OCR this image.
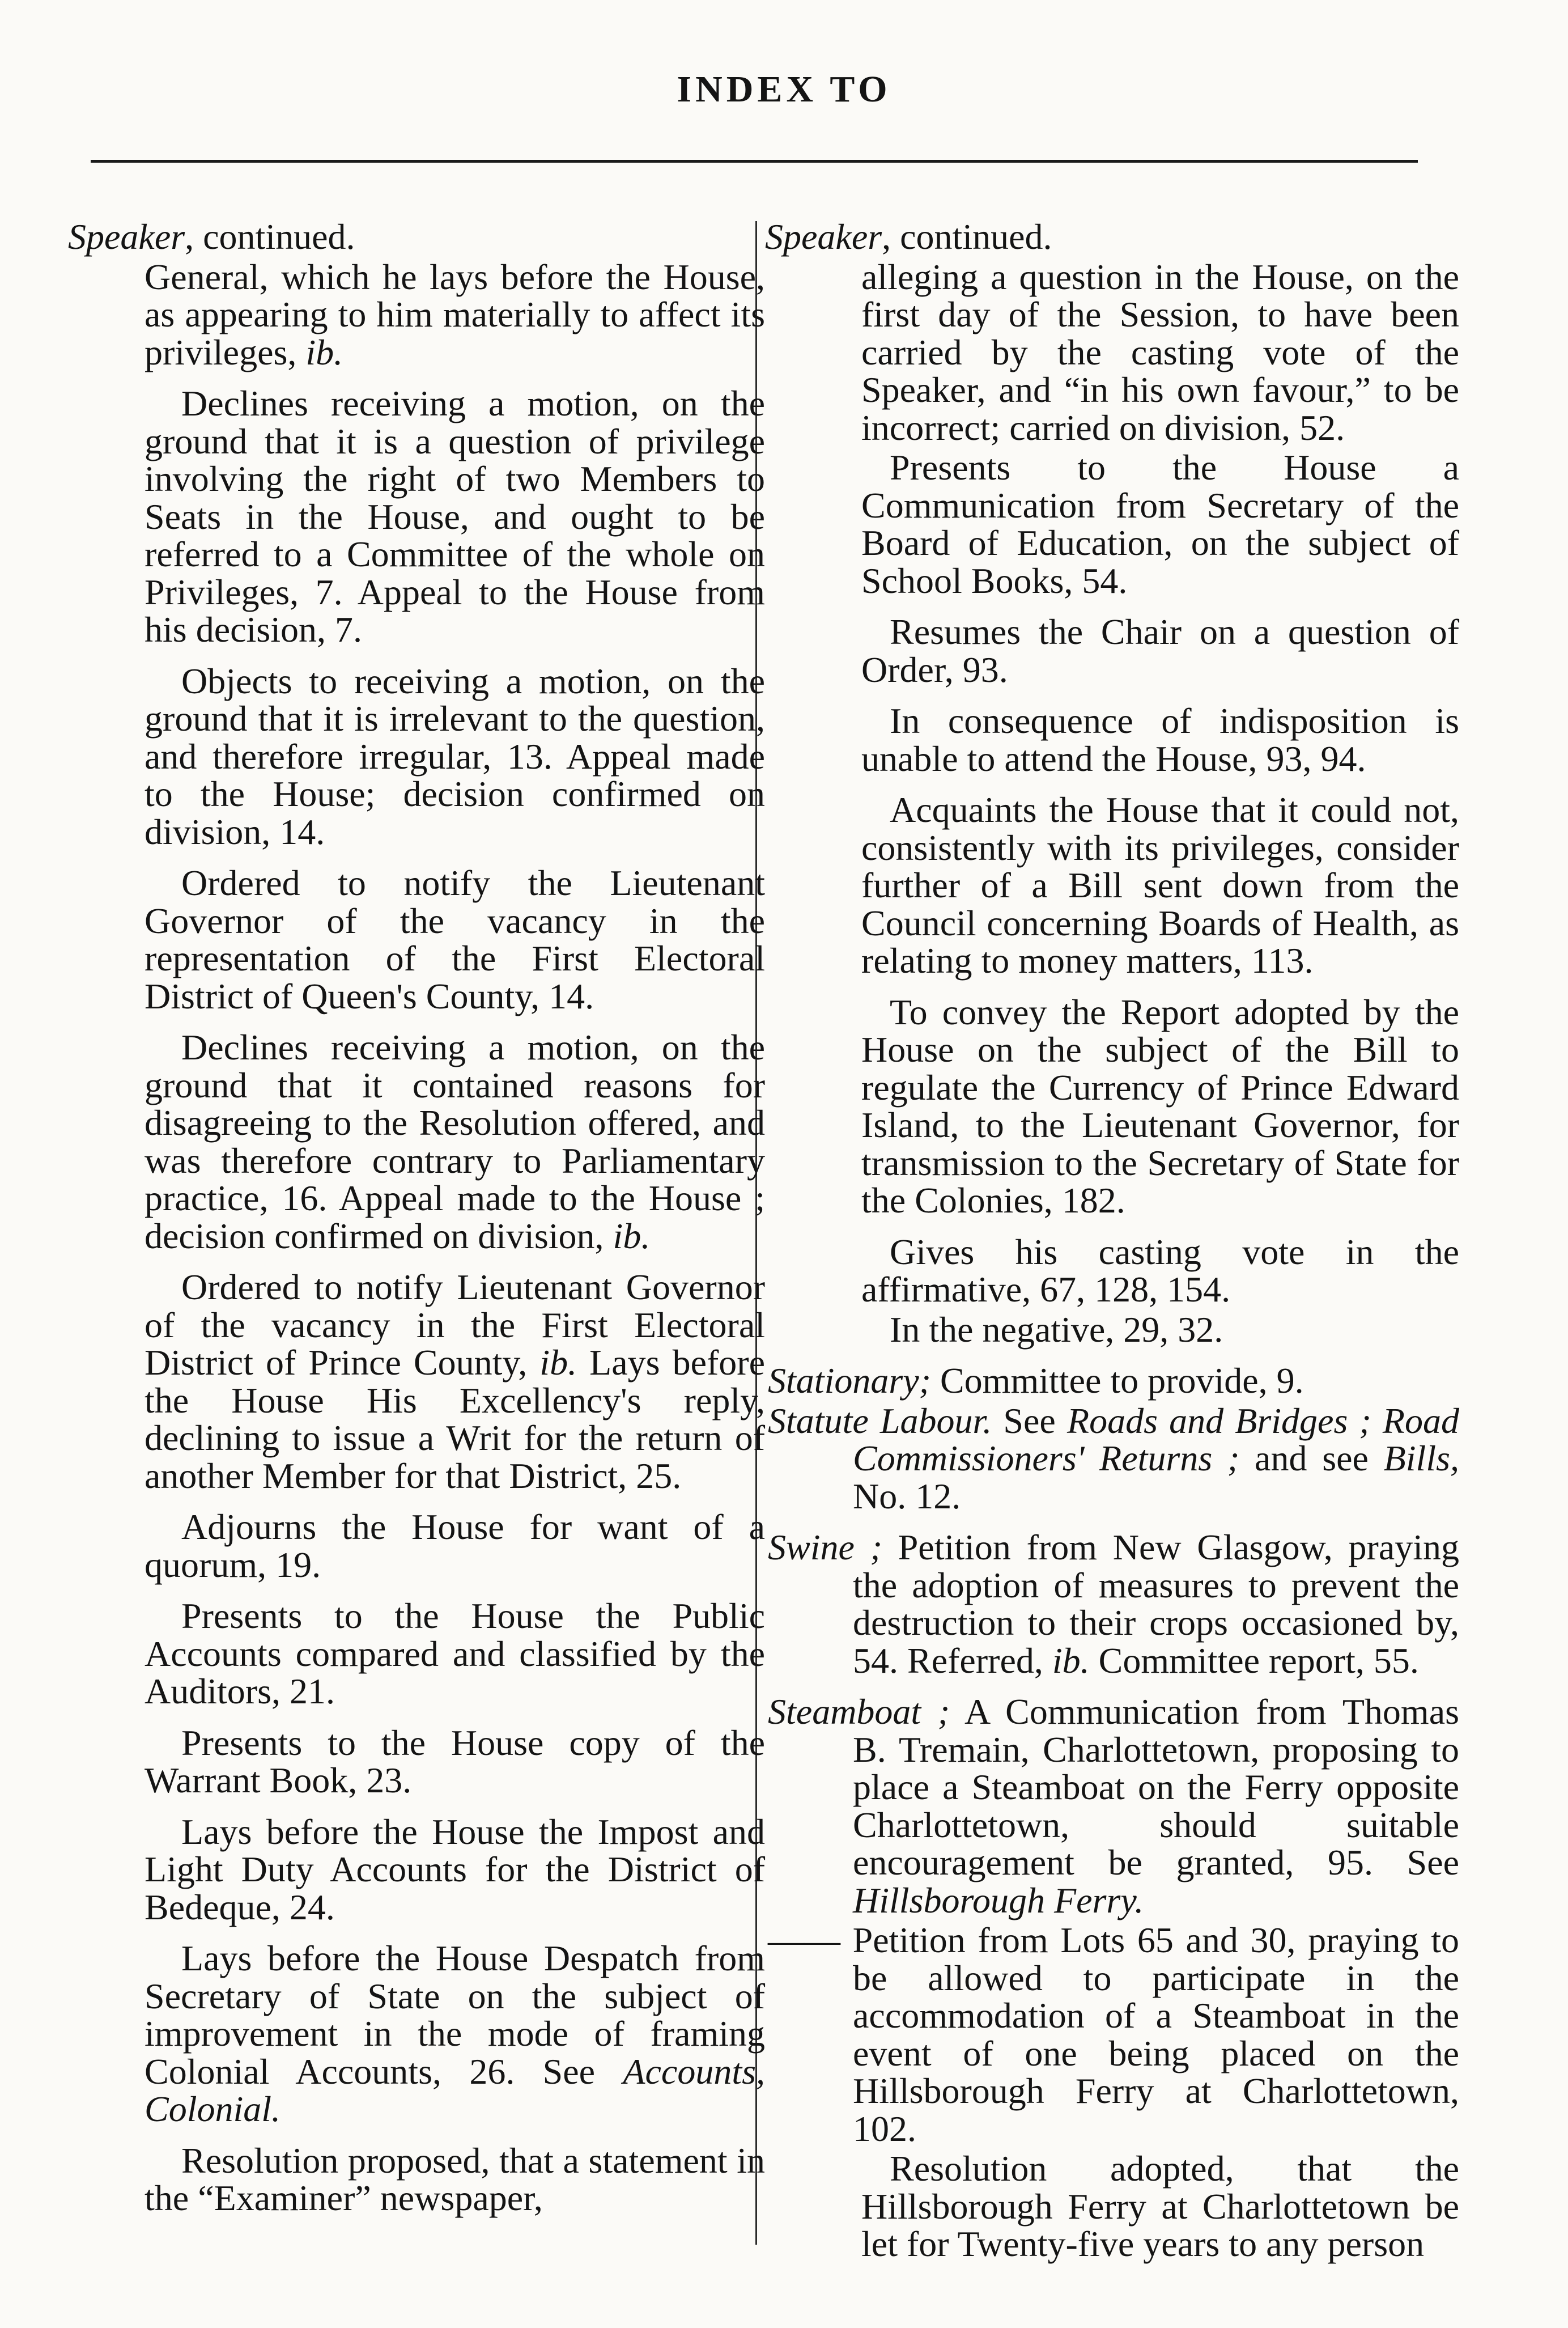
INDEX TO
Speaker, continued.
General, which he lays before the House, as appearing to him materially to affect its privileges, ib.
Declines receiving a motion, on the ground that it is a question of privilege involving the right of two Members to Seats in the House, and ought to be referred to a Committee of the whole on Privileges, 7. Appeal to the House from his decision, 7.
Objects to receiving a motion, on the ground that it is irrelevant to the question, and therefore irregular, 13. Appeal made to the House; decision confirmed on division, 14.
Ordered to notify the Lieutenant Governor of the vacancy in the representation of the First Electoral District of Queen's County, 14.
Declines receiving a motion, on the ground that it contained reasons for disagreeing to the Resolution offered, and was therefore contrary to Parliamentary practice, 16. Appeal made to the House ; decision confirmed on division, ib.
Ordered to notify Lieutenant Governor of the vacancy in the First Electoral District of Prince County, ib. Lays before the House His Excellency's reply, declining to issue a Writ for the return of another Member for that District, 25.
Adjourns the House for want of a quorum, 19.
Presents to the House the Public Accounts compared and classified by the Auditors, 21.
Presents to the House copy of the Warrant Book, 23.
Lays before the House the Impost and Light Duty Accounts for the District of Bedeque, 24.
Lays before the House Despatch from Secretary of State on the subject of improvement in the mode of framing Colonial Accounts, 26. See Accounts, Colonial.
Resolution proposed, that a statement in the “Examiner” newspaper,
Speaker, continued.
alleging a question in the House, on the first day of the Session, to have been carried by the casting vote of the Speaker, and “in his own favour,” to be incorrect; carried on division, 52.
Presents to the House a Communication from Secretary of the Board of Education, on the subject of School Books, 54.
Resumes the Chair on a question of Order, 93.
In consequence of indisposition is unable to attend the House, 93, 94.
Acquaints the House that it could not, consistently with its privileges, consider further of a Bill sent down from the Council concerning Boards of Health, as relating to money matters, 113.
To convey the Report adopted by the House on the subject of the Bill to regulate the Currency of Prince Edward Island, to the Lieutenant Governor, for transmission to the Secretary of State for the Colonies, 182.
Gives his casting vote in the affirmative, 67, 128, 154.
In the negative, 29, 32.
Stationary; Committee to provide, 9.
Statute Labour. See Roads and Bridges ; Road Commissioners' Returns ; and see Bills, No. 12.
Swine ; Petition from New Glasgow, praying the adoption of measures to prevent the destruction to their crops occasioned by, 54. Referred, ib. Committee report, 55.
Steamboat ; A Communication from Thomas B. Tremain, Charlottetown, proposing to place a Steamboat on the Ferry opposite Charlottetown, should suitable encouragement be granted, 95. See Hillsborough Ferry.
—— Petition from Lots 65 and 30, praying to be allowed to participate in the accommodation of a Steamboat in the event of one being placed on the Hillsborough Ferry at Charlottetown, 102.
Resolution adopted, that the Hillsborough Ferry at Charlottetown be let for Twenty-five years to any person
